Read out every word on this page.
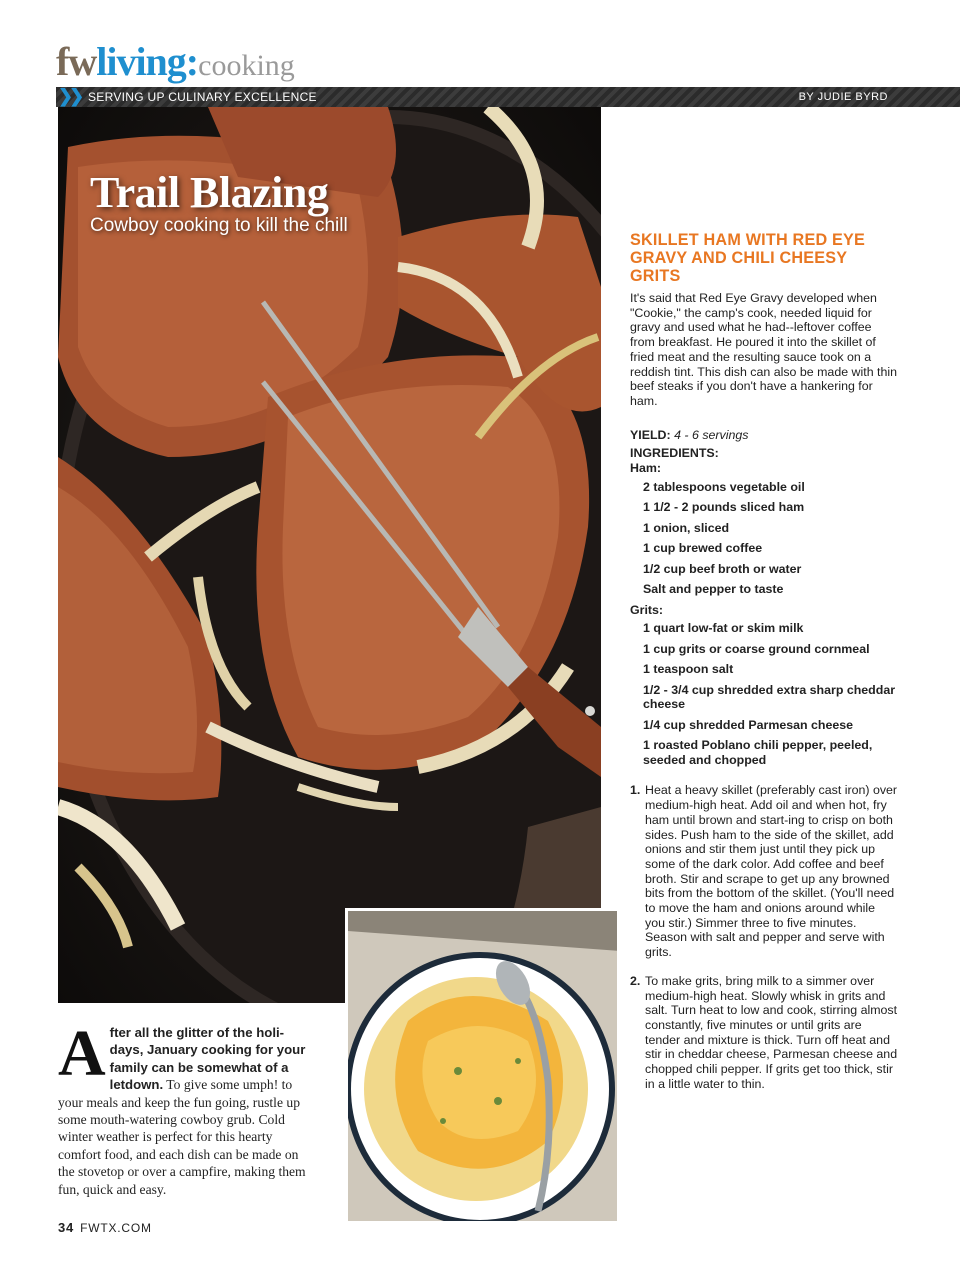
fwliving:cooking
❯❯ SERVING UP CULINARY EXCELLENCE	BY JUDIE BYRD
Trail Blazing
Cowboy cooking to kill the chill
After all the glitter of the holi-days, January cooking for your family can be somewhat of a letdown. To give some umph! to your meals and keep the fun going, rustle up some mouth-watering cowboy grub. Cold winter weather is perfect for this hearty comfort food, and each dish can be made on the stovetop or over a campfire, making them fun, quick and easy.
34 FWTX.COM
SKILLET HAM WITH RED EYE GRAVY AND CHILI CHEESY GRITS
It's said that Red Eye Gravy developed when "Cookie," the camp's cook, needed liquid for gravy and used what he had--leftover coffee from breakfast. He poured it into the skillet of fried meat and the resulting sauce took on a reddish tint. This dish can also be made with thin beef steaks if you don't have a hankering for ham.
YIELD: 4 - 6 servings
INGREDIENTS:
Ham:
2 tablespoons vegetable oil
1 1/2 - 2 pounds sliced ham
1 onion, sliced
1 cup brewed coffee
1/2 cup beef broth or water
Salt and pepper to taste
Grits:
1 quart low-fat or skim milk
1 cup grits or coarse ground cornmeal
1 teaspoon salt
1/2 - 3/4 cup shredded extra sharp cheddar cheese
1/4 cup shredded Parmesan cheese
1 roasted Poblano chili pepper, peeled, seeded and chopped
1. Heat a heavy skillet (preferably cast iron) over medium-high heat. Add oil and when hot, fry ham until brown and start-ing to crisp on both sides. Push ham to the side of the skillet, add onions and stir them just until they pick up some of the dark color. Add coffee and beef broth. Stir and scrape to get up any browned bits from the bottom of the skillet. (You'll need to move the ham and onions around while you stir.) Simmer three to five minutes. Season with salt and pepper and serve with grits.
2. To make grits, bring milk to a simmer over medium-high heat. Slowly whisk in grits and salt. Turn heat to low and cook, stirring almost constantly, five minutes or until grits are tender and mixture is thick. Turn off heat and stir in cheddar cheese, Parmesan cheese and chopped chili pepper. If grits get too thick, stir in a little water to thin.
